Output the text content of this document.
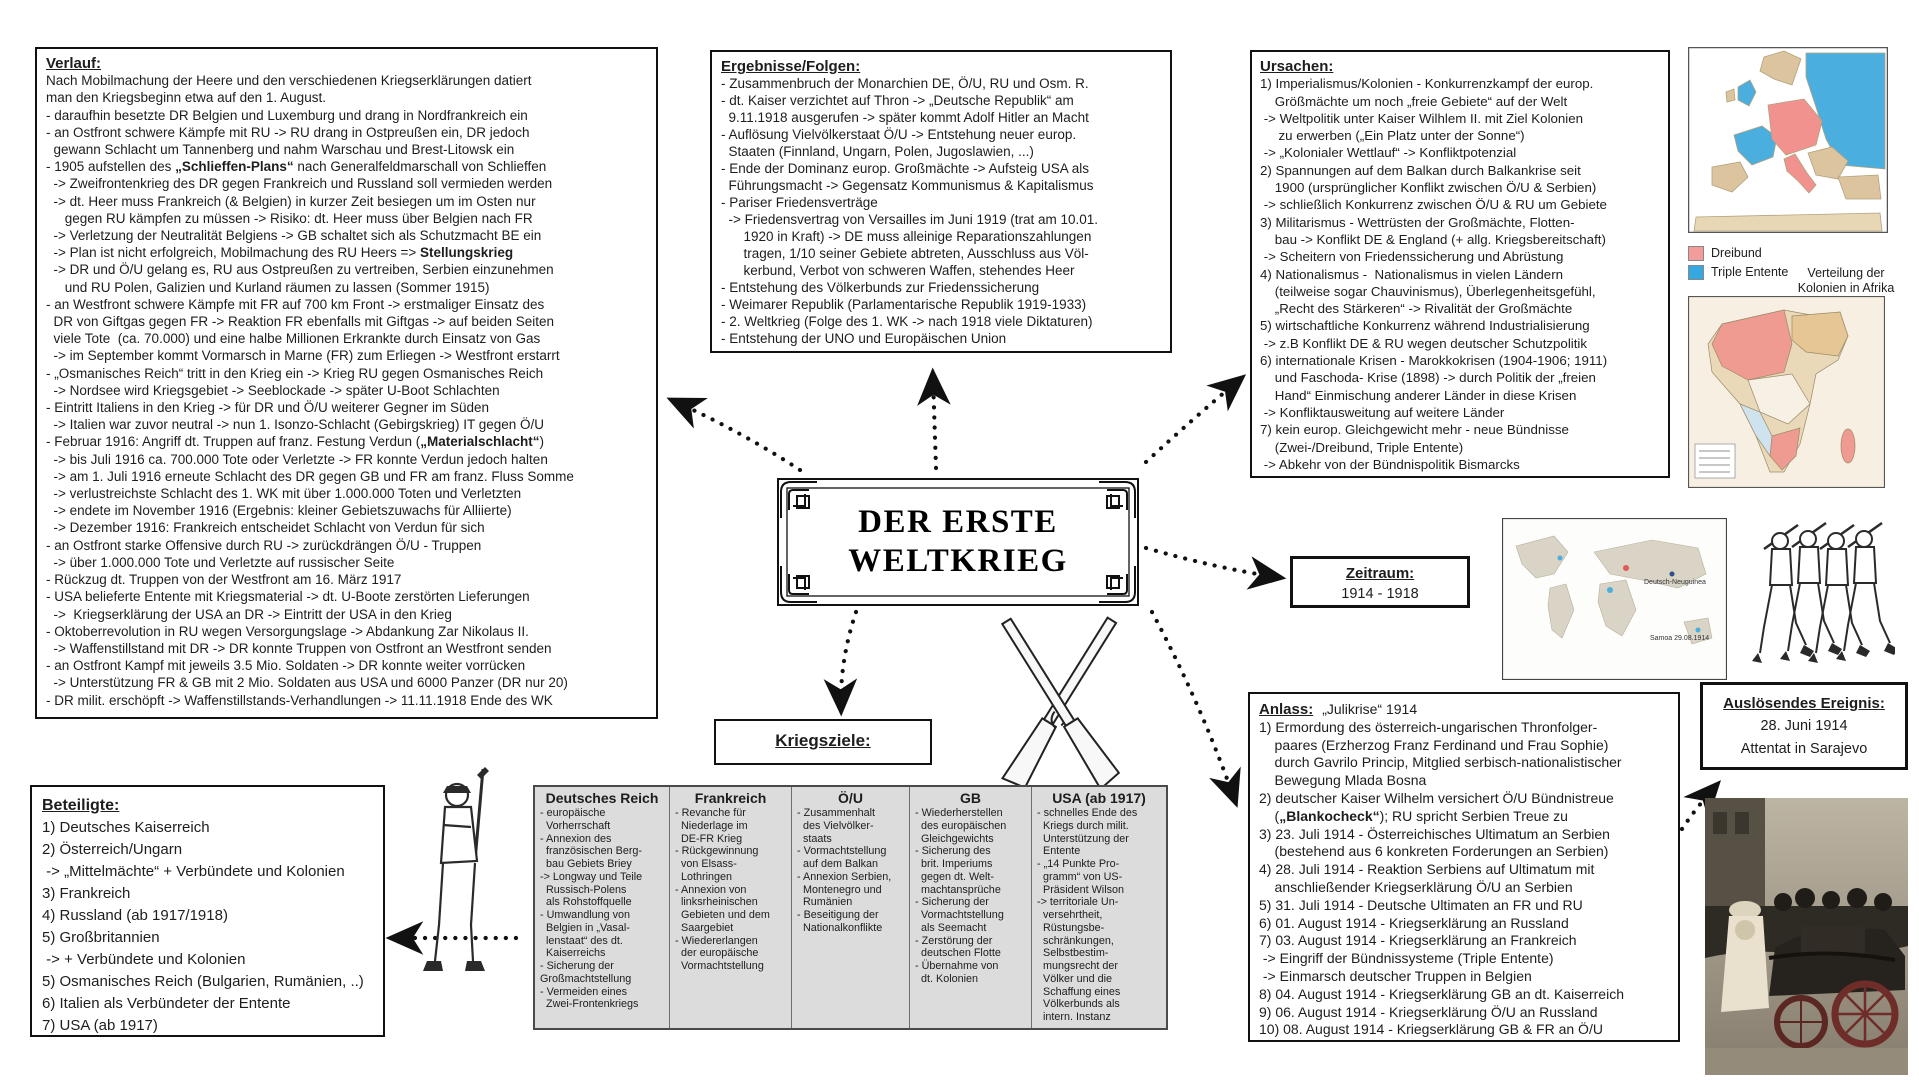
Verlauf:
Nach Mobilmachung der Heere und den verschiedenen Kriegserklärungen datiert
man den Kriegsbeginn etwa auf den 1. August.
- daraufhin besetzte DR Belgien und Luxemburg und drang in Nordfrankreich ein
- an Ostfront schwere Kämpfe mit RU -> RU drang in Ostpreußen ein, DR jedoch
gewann Schlacht um Tannenberg und nahm Warschau und Brest-Litowsk ein
- 1905 aufstellen des „Schlieffen-Plans“ nach Generalfeldmarschall von Schlieffen
-> Zweifrontenkrieg des DR gegen Frankreich und Russland soll vermieden werden
-> dt. Heer muss Frankreich (& Belgien) in kurzer Zeit besiegen um im Osten nur
gegen RU kämpfen zu müssen -> Risiko: dt. Heer muss über Belgien nach FR
-> Verletzung der Neutralität Belgiens -> GB schaltet sich als Schutzmacht BE ein
-> Plan ist nicht erfolgreich, Mobilmachung des RU Heers => Stellungskrieg
-> DR und Ö/U gelang es, RU aus Ostpreußen zu vertreiben, Serbien einzunehmen
und RU Polen, Galizien und Kurland räumen zu lassen (Sommer 1915)
- an Westfront schwere Kämpfe mit FR auf 700 km Front -> erstmaliger Einsatz des
DR von Giftgas gegen FR -> Reaktion FR ebenfalls mit Giftgas -> auf beiden Seiten
viele Tote  (ca. 70.000) und eine halbe Millionen Erkrankte durch Einsatz von Gas
-> im September kommt Vormarsch in Marne (FR) zum Erliegen -> Westfront erstarrt
- „Osmanisches Reich“ tritt in den Krieg ein -> Krieg RU gegen Osmanisches Reich
-> Nordsee wird Kriegsgebiet -> Seeblockade -> später U-Boot Schlachten
- Eintritt Italiens in den Krieg -> für DR und Ö/U weiterer Gegner im Süden
-> Italien war zuvor neutral -> nun 1. Isonzo-Schlacht (Gebirgskrieg) IT gegen Ö/U
- Februar 1916: Angriff dt. Truppen auf franz. Festung Verdun („Materialschlacht“)
-> bis Juli 1916 ca. 700.000 Tote oder Verletzte -> FR konnte Verdun jedoch halten
-> am 1. Juli 1916 erneute Schlacht des DR gegen GB und FR am franz. Fluss Somme
-> verlustreichste Schlacht des 1. WK mit über 1.000.000 Toten und Verletzten
-> endete im November 1916 (Ergebnis: kleiner Gebietszuwachs für Alliierte)
-> Dezember 1916: Frankreich entscheidet Schlacht von Verdun für sich
- an Ostfront starke Offensive durch RU -> zurückdrängen Ö/U - Truppen
-> über 1.000.000 Tote und Verletzte auf russischer Seite
- Rückzug dt. Truppen von der Westfront am 16. März 1917
- USA belieferte Entente mit Kriegsmaterial -> dt. U-Boote zerstörten Lieferungen
->  Kriegserklärung der USA an DR -> Eintritt der USA in den Krieg
- Oktoberrevolution in RU wegen Versorgungslage -> Abdankung Zar Nikolaus II.
-> Waffenstillstand mit DR -> DR konnte Truppen von Ostfront an Westfront senden
- an Ostfront Kampf mit jeweils 3.5 Mio. Soldaten -> DR konnte weiter vorrücken
-> Unterstützung FR & GB mit 2 Mio. Soldaten aus USA und 6000 Panzer (DR nur 20)
- DR milit. erschöpft -> Waffenstillstands-Verhandlungen -> 11.11.1918 Ende des WK
Ergebnisse/Folgen:
- Zusammenbruch der Monarchien DE, Ö/U, RU und Osm. R.
- dt. Kaiser verzichtet auf Thron -> „Deutsche Republik“ am
9.11.1918 ausgerufen -> später kommt Adolf Hitler an Macht
- Auflösung Vielvölkerstaat Ö/U -> Entstehung neuer europ.
Staaten (Finnland, Ungarn, Polen, Jugoslawien, ...)
- Ende der Dominanz europ. Großmächte -> Aufsteig USA als
Führungsmacht -> Gegensatz Kommunismus & Kapitalismus
- Pariser Friedensverträge
-> Friedensvertrag von Versailles im Juni 1919 (trat am 10.01.
1920 in Kraft) -> DE muss alleinige Reparationszahlungen
tragen, 1/10 seiner Gebiete abtreten, Ausschluss aus Völ-
kerbund, Verbot von schweren Waffen, stehendes Heer
- Entstehung des Völkerbunds zur Friedenssicherung
- Weimarer Republik (Parlamentarische Republik 1919-1933)
- 2. Weltkrieg (Folge des 1. WK -> nach 1918 viele Diktaturen)
- Entstehung der UNO und Europäischen Union
Ursachen:
1) Imperialismus/Kolonien - Konkurrenzkampf der europ.
Größmächte um noch „freie Gebiete“ auf der Welt
-> Weltpolitik unter Kaiser Wilhlem II. mit Ziel Kolonien
zu erwerben („Ein Platz unter der Sonne“)
-> „Kolonialer Wettlauf“ -> Konfliktpotenzial
2) Spannungen auf dem Balkan durch Balkankrise seit
1900 (ursprünglicher Konflikt zwischen Ö/U & Serbien)
-> schließlich Konkurrenz zwischen Ö/U & RU um Gebiete
3) Militarismus - Wettrüsten der Großmächte, Flotten-
bau -> Konflikt DE & England (+ allg. Kriegsbereitschaft)
-> Scheitern von Friedenssicherung und Abrüstung
4) Nationalismus -  Nationalismus in vielen Ländern
(teilweise sogar Chauvinismus), Überlegenheitsgefühl,
„Recht des Stärkeren“ -> Rivalität der Großmächte
5) wirtschaftliche Konkurrenz während Industrialisierung
-> z.B Konflikt DE & RU wegen deutscher Schutzpolitik
6) internationale Krisen - Marokkokrisen (1904-1906; 1911)
und Faschoda- Krise (1898) -> durch Politik der „freien
Hand“ Einmischung anderer Länder in diese Krisen
-> Konfliktausweitung auf weitere Länder
7) kein europ. Gleichgewicht mehr - neue Bündnisse
(Zwei-/Dreibund, Triple Entente)
-> Abkehr von der Bündnispolitik Bismarcks
Dreibund
Triple Entente	Verteilung der
Kolonien in Afrika
DER ERSTE
WELTKRIEG	Zeitraum:
1914 - 1918
Deutsch-Neuguinea
Samoa 29.08.1914
Kriegsziele:
Deutsches Reich
- europäische
Vorherrschaft
- Annexion des
französischen Berg-
bau Gebiets Briey
-> Longway und Teile
Russisch-Polens
als Rohstoffquelle
- Umwandlung von
Belgien in „Vasal-
lenstaat“ des dt.
Kaiserreichs
- Sicherung der
Großmachtstellung
- Vermeiden eines
Zwei-Frontenkriegs
Frankreich
- Revanche für
Niederlage im
DE-FR Krieg
- Rückgewinnung
von Elsass-
Lothringen
- Annexion von
linksrheinischen
Gebieten und dem
Saargebiet
- Wiedererlangen
der europäische
Vormachtstellung
Ö/U
- Zusammenhalt
des Vielvölker-
staats
- Vormachtstellung
auf dem Balkan
- Annexion Serbien,
Montenegro und
Rumänien
- Beseitigung der
Nationalkonflikte
GB
- Wiederherstellen
des europäischen
Gleichgewichts
- Sicherung des
brit. Imperiums
gegen dt. Welt-
machtansprüche
- Sicherung der
Vormachtstellung
als Seemacht
- Zerstörung der
deutschen Flotte
- Übernahme von
dt. Kolonien
USA (ab 1917)
- schnelles Ende des
Kriegs durch milit.
Unterstützung der
Entente
- „14 Punkte Pro-
gramm“ von US-
Präsident Wilson
-> territoriale Un-
versehrtheit,
Rüstungsbe-
schränkungen,
Selbstbestim-
mungsrecht der
Völker und die
Schaffung eines
Völkerbunds als
intern. Instanz
Beteiligte:
1) Deutsches Kaiserreich
2) Österreich/Ungarn
-> „Mittelmächte“ + Verbündete und Kolonien
3) Frankreich
4) Russland (ab 1917/1918)
5) Großbritannien
-> + Verbündete und Kolonien
5) Osmanisches Reich (Bulgarien, Rumänien, ..)
6) Italien als Verbündeter der Entente
7) USA (ab 1917)
Anlass: „Julikrise“ 1914
1) Ermordung des österreich-ungarischen Thronfolger-
paares (Erzherzog Franz Ferdinand und Frau Sophie)
durch Gavrilo Princip, Mitglied serbisch-nationalistischer
Bewegung Mlada Bosna
2) deutscher Kaiser Wilhelm versichert Ö/U Bündnistreue
(„Blankocheck“); RU spricht Serbien Treue zu
3) 23. Juli 1914 - Österreichisches Ultimatum an Serbien
(bestehend aus 6 konkreten Forderungen an Serbien)
4) 28. Juli 1914 - Reaktion Serbiens auf Ultimatum mit
anschließender Kriegserklärung Ö/U an Serbien
5) 31. Juli 1914 - Deutsche Ultimaten an FR und RU
6) 01. August 1914 - Kriegserklärung an Russland
7) 03. August 1914 - Kriegserklärung an Frankreich
-> Eingriff der Bündnissysteme (Triple Entente)
-> Einmarsch deutscher Truppen in Belgien
8) 04. August 1914 - Kriegserklärung GB an dt. Kaiserreich
9) 06. August 1914 - Kriegserklärung Ö/U an Russland
10) 08. August 1914 - Kriegserklärung GB & FR an Ö/U
Auslösendes Ereignis:
28. Juni 1914
Attentat in Sarajevo
